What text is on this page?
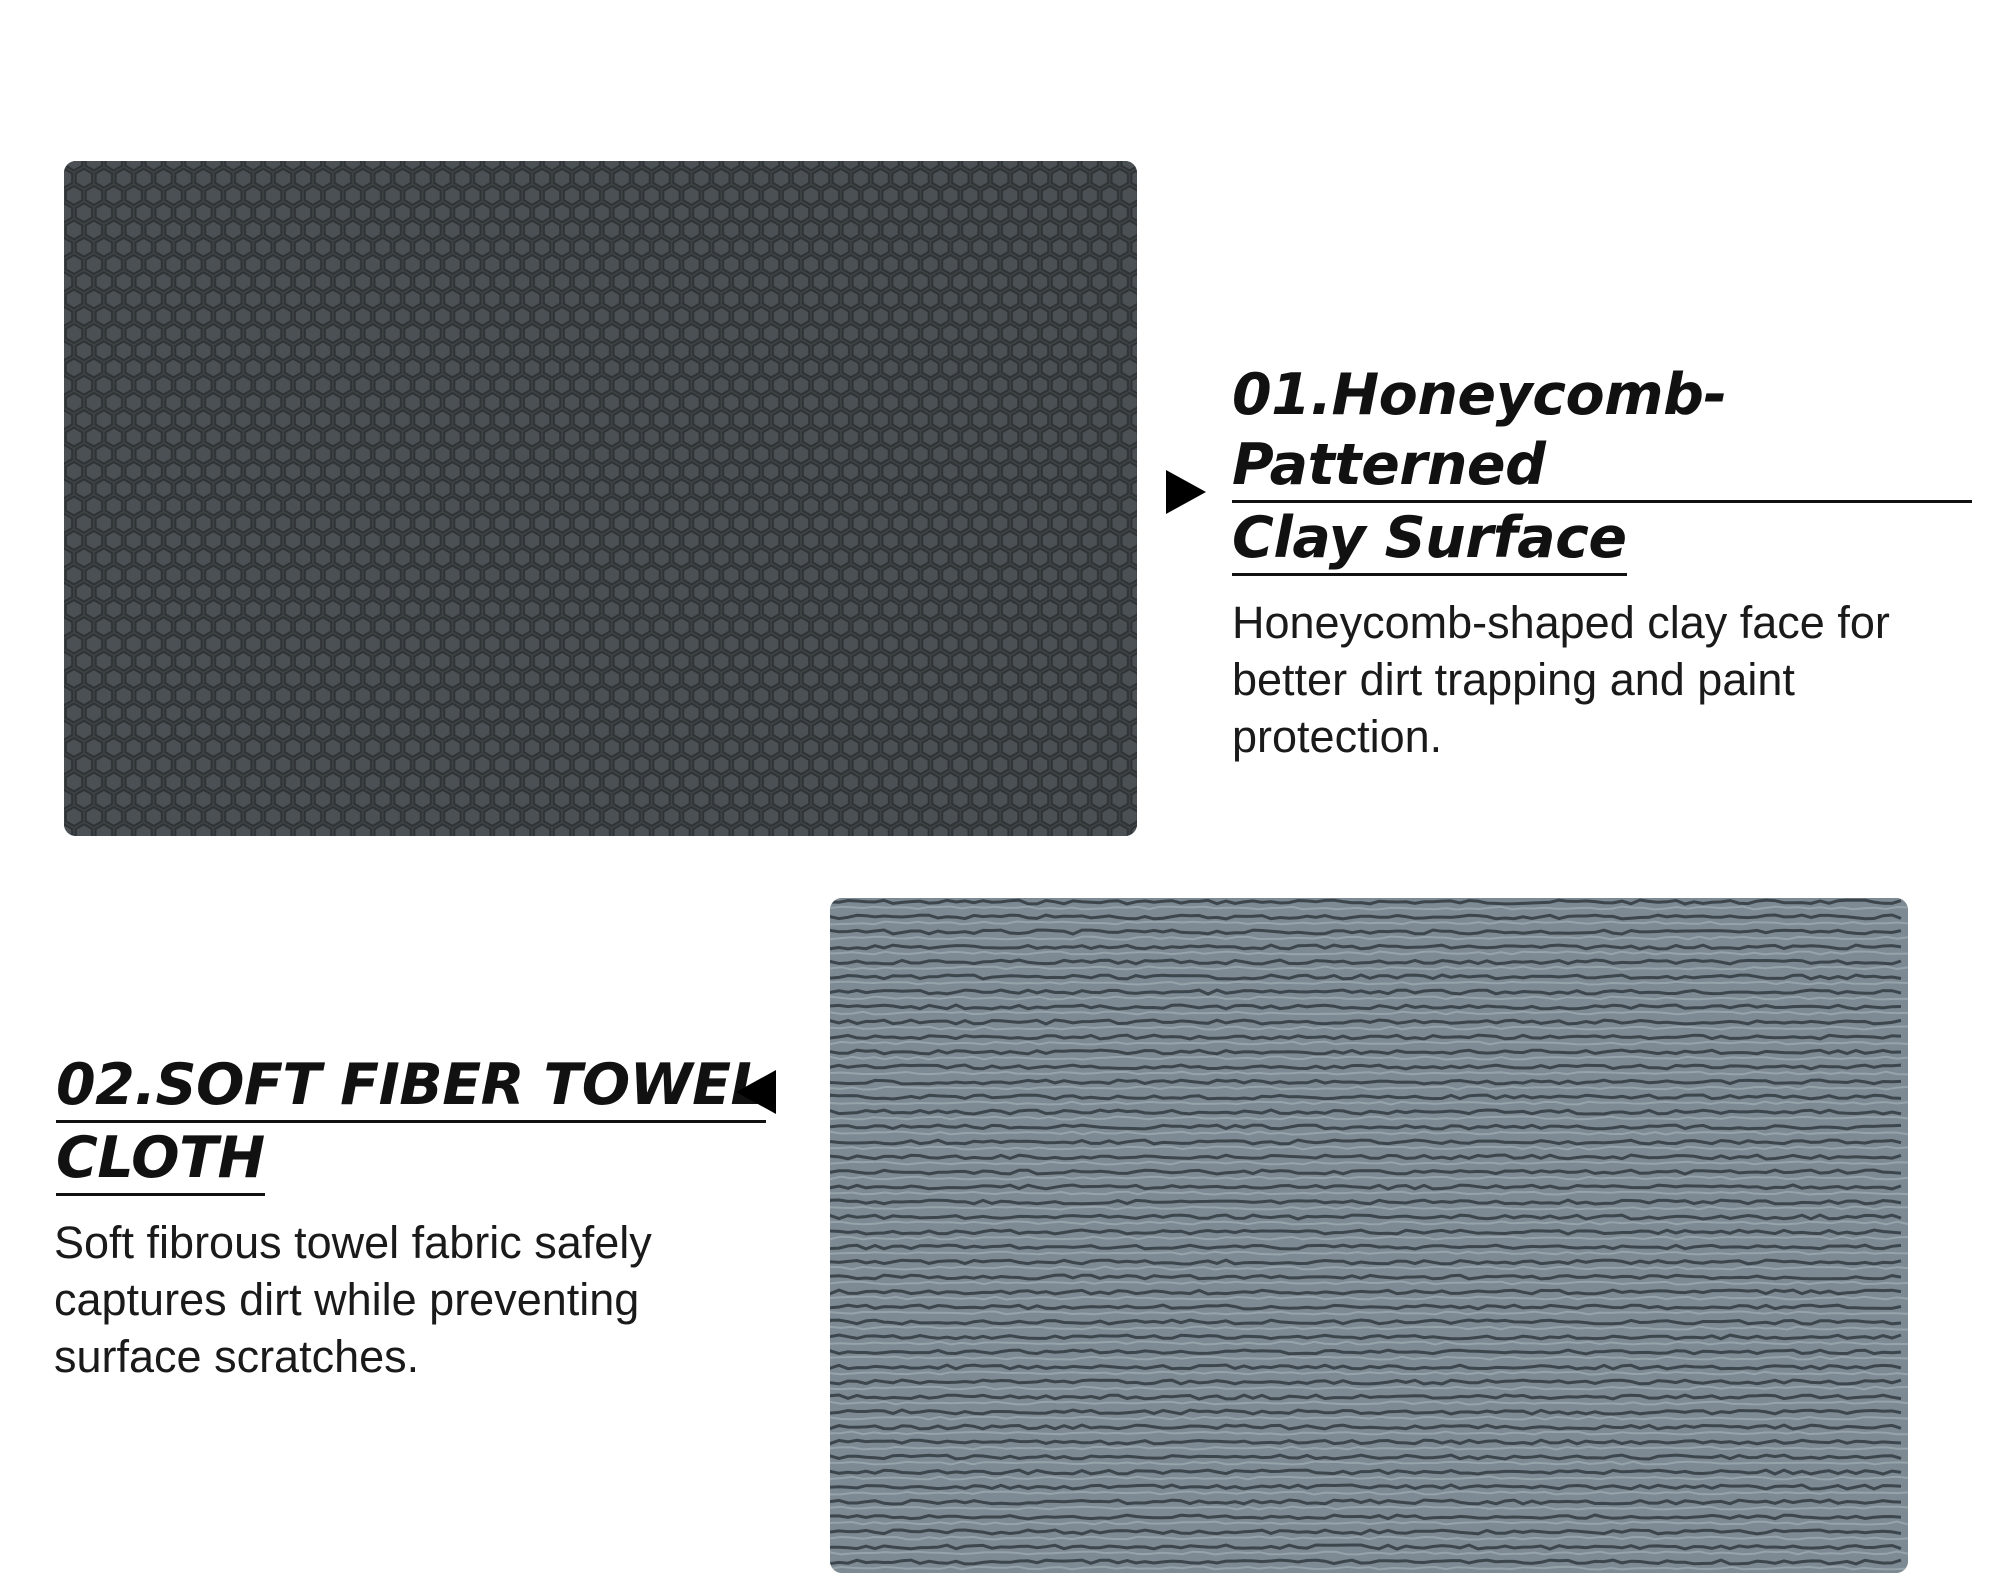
01.Honeycomb-Patterned
Clay Surface

Honeycomb-shaped clay face for better dirt trapping and paint protection.

02.SOFT FIBER TOWEL
CLOTH

Soft fibrous towel fabric safely captures dirt while preventing surface scratches.
